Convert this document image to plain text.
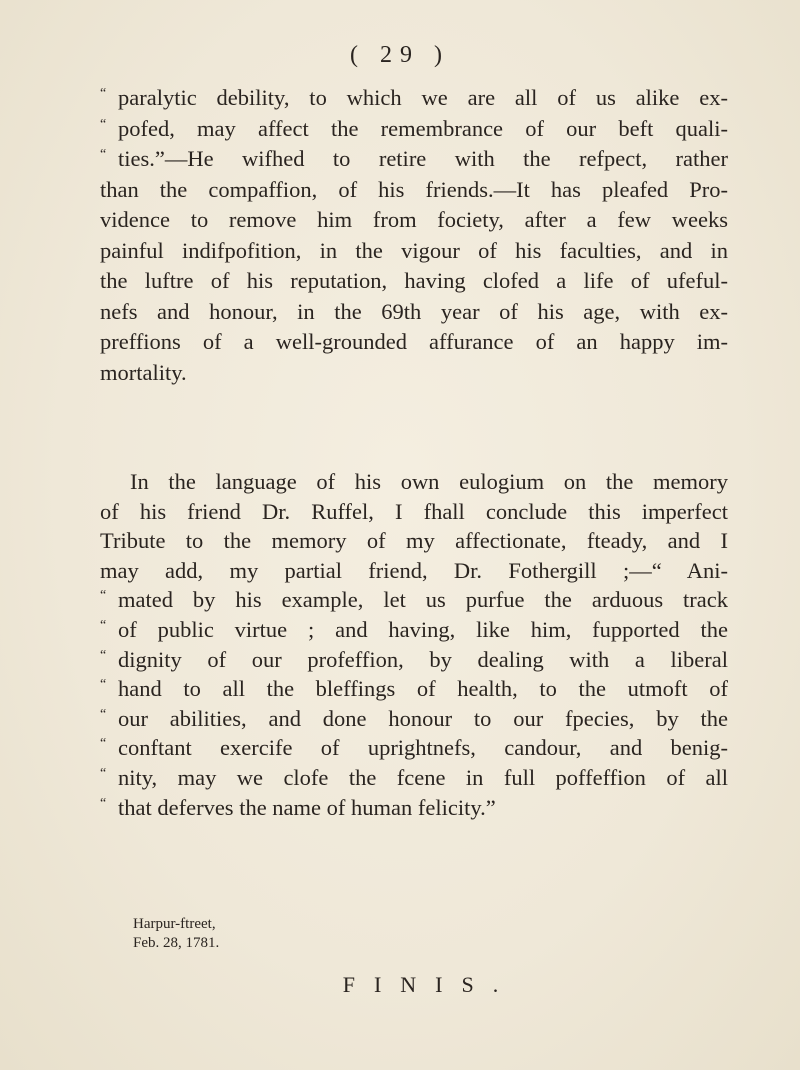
( 29 )
“ paralytic debility, to which we are all of us alike ex-
“ pofed, may affect the remembrance of our beft quali-
“ ties.”—He wifhed to retire with the refpect, rather
than the compaffion, of his friends.—It has pleafed Pro-
vidence to remove him from fociety, after a few weeks
painful indifpofition, in the vigour of his faculties, and in
the luftre of his reputation, having clofed a life of ufeful-
nefs and honour, in the 69th year of his age, with ex-
preffions of a well-grounded affurance of an happy im-
mortality.
In the language of his own eulogium on the memory
of his friend Dr. Ruffel, I fhall conclude this imperfect
Tribute to the memory of my affectionate, fteady, and I
may add, my partial friend, Dr. Fothergill ;—“ Ani-
“ mated by his example, let us purfue the arduous track
“ of public virtue ; and having, like him, fupported the
“ dignity of our profeffion, by dealing with a liberal
“ hand to all the bleffings of health, to the utmoft of
“ our abilities, and done honour to our fpecies, by the
“ conftant exercife of uprightnefs, candour, and benig-
“ nity, may we clofe the fcene in full poffeffion of all
“ that deferves the name of human felicity.”
Harpur-ftreet,
Feb. 28, 1781.
FINIS.
